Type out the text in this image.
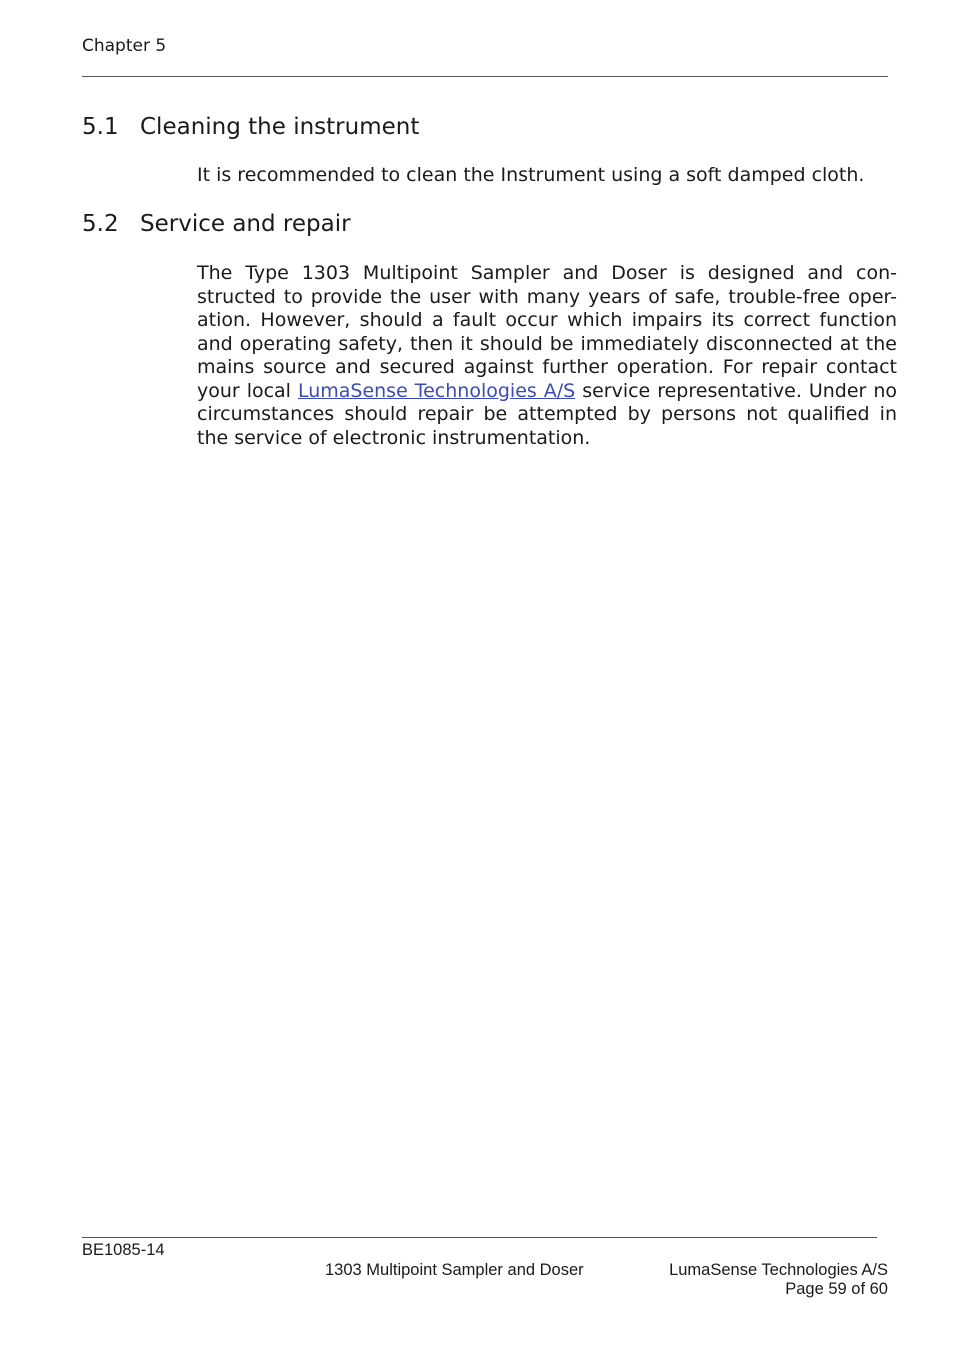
Chapter 5
5.1 Cleaning the instrument
It is recommended to clean the Instrument using a soft damped cloth.
5.2 Service and repair
The Type 1303 Multipoint Sampler and Doser is designed and con-structed to provide the user with many years of safe, trouble-free oper-ation. However, should a fault occur which impairs its correct function and operating safety, then it should be immediately disconnected at the mains source and secured against further operation. For repair contact your local LumaSense Technologies A/S service representative. Under no circumstances should repair be attempted by persons not qualified in the service of electronic instrumentation.
BE1085-14
1303 Multipoint Sampler and Doser	LumaSense Technologies A/S
Page 59 of 60
